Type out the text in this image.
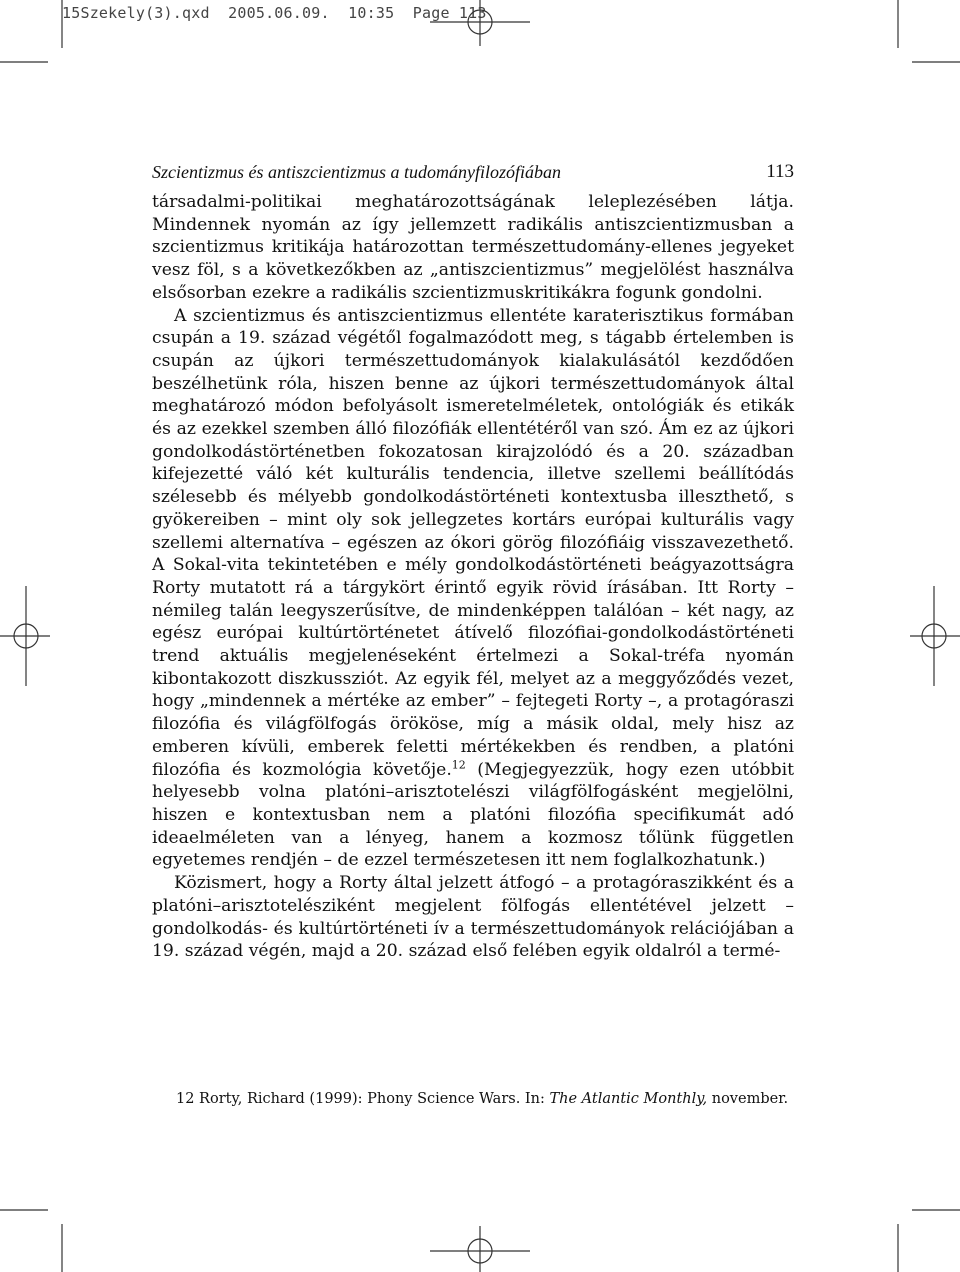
15Szekely(3).qxd  2005.06.09.  10:35  Page 113
Szcientizmus és antiszcientizmus a tudományfilozófiában	113

társadalmi-politikai meghatározottságának leleplezésében látja. Mindennek nyomán az így jellemzett radikális antiszcientizmusban a szcientizmus kritikája határozottan természettudomány-ellenes jegyeket vesz föl, s a következőkben az „antiszcientizmus” megjelölést használva elsősorban ezekre a radikális szcientizmuskritikákra fogunk gondolni.

A szcientizmus és antiszcientizmus ellentéte karaterisztikus formában csupán a 19. század végétől fogalmazódott meg, s tágabb értelemben is csupán az újkori természettudományok kialakulásától kezdődően beszélhetünk róla, hiszen benne az újkori természettudományok által meghatározó módon befolyásolt ismeretelméletek, ontológiák és etikák és az ezekkel szemben álló filozófiák ellentétéről van szó. Ám ez az újkori gondolkodástörténetben fokozatosan kirajzolódó és a 20. században kifejezetté váló két kulturális tendencia, illetve szellemi beállítódás szélesebb és mélyebb gondolkodástörténeti kontextusba illeszthető, s gyökereiben – mint oly sok jellegzetes kortárs európai kulturális vagy szellemi alternatíva – egészen az ókori görög filozófiáig visszavezethető. A Sokal-vita tekintetében e mély gondolkodástörténeti beágyazottságra Rorty mutatott rá a tárgykört érintő egyik rövid írásában. Itt Rorty – némileg talán leegyszerűsítve, de mindenképpen találóan – két nagy, az egész európai kultúrtörténetet átívelő filozófiai-gondolkodástörténeti trend aktuális megjelenéseként értelmezi a Sokal-tréfa nyomán kibontakozott diszkussziót. Az egyik fél, melyet az a meggyőződés vezet, hogy „mindennek a mértéke az ember” – fejtegeti Rorty –, a protagóraszi filozófia és világfölfogás örököse, míg a másik oldal, mely hisz az emberen kívüli, emberek feletti mértékekben és rendben, a platóni filozófia és kozmológia követője.$^{12}$ (Megjegyezzük, hogy ezen utóbbit helyesebb volna platóni–arisztotelészi világfölfogásként megjelölni, hiszen e kontextusban nem a platóni filozófia specifikumát adó ideaelméleten van a lényeg, hanem a kozmosz tőlünk független egyetemes rendjén – de ezzel természetesen itt nem foglalkozhatunk.)

Közismert, hogy a Rorty által jelzett átfogó – a protagóraszikként és a platóni–arisztotelésziként megjelent fölfogás ellentétével jelzett – gondolkodás- és kultúrtörténeti ív a természettudományok relációjában a 19. század végén, majd a 20. század első felében egyik oldalról a termé-

12 Rorty, Richard (1999): Phony Science Wars. In: The Atlantic Monthly, november.
